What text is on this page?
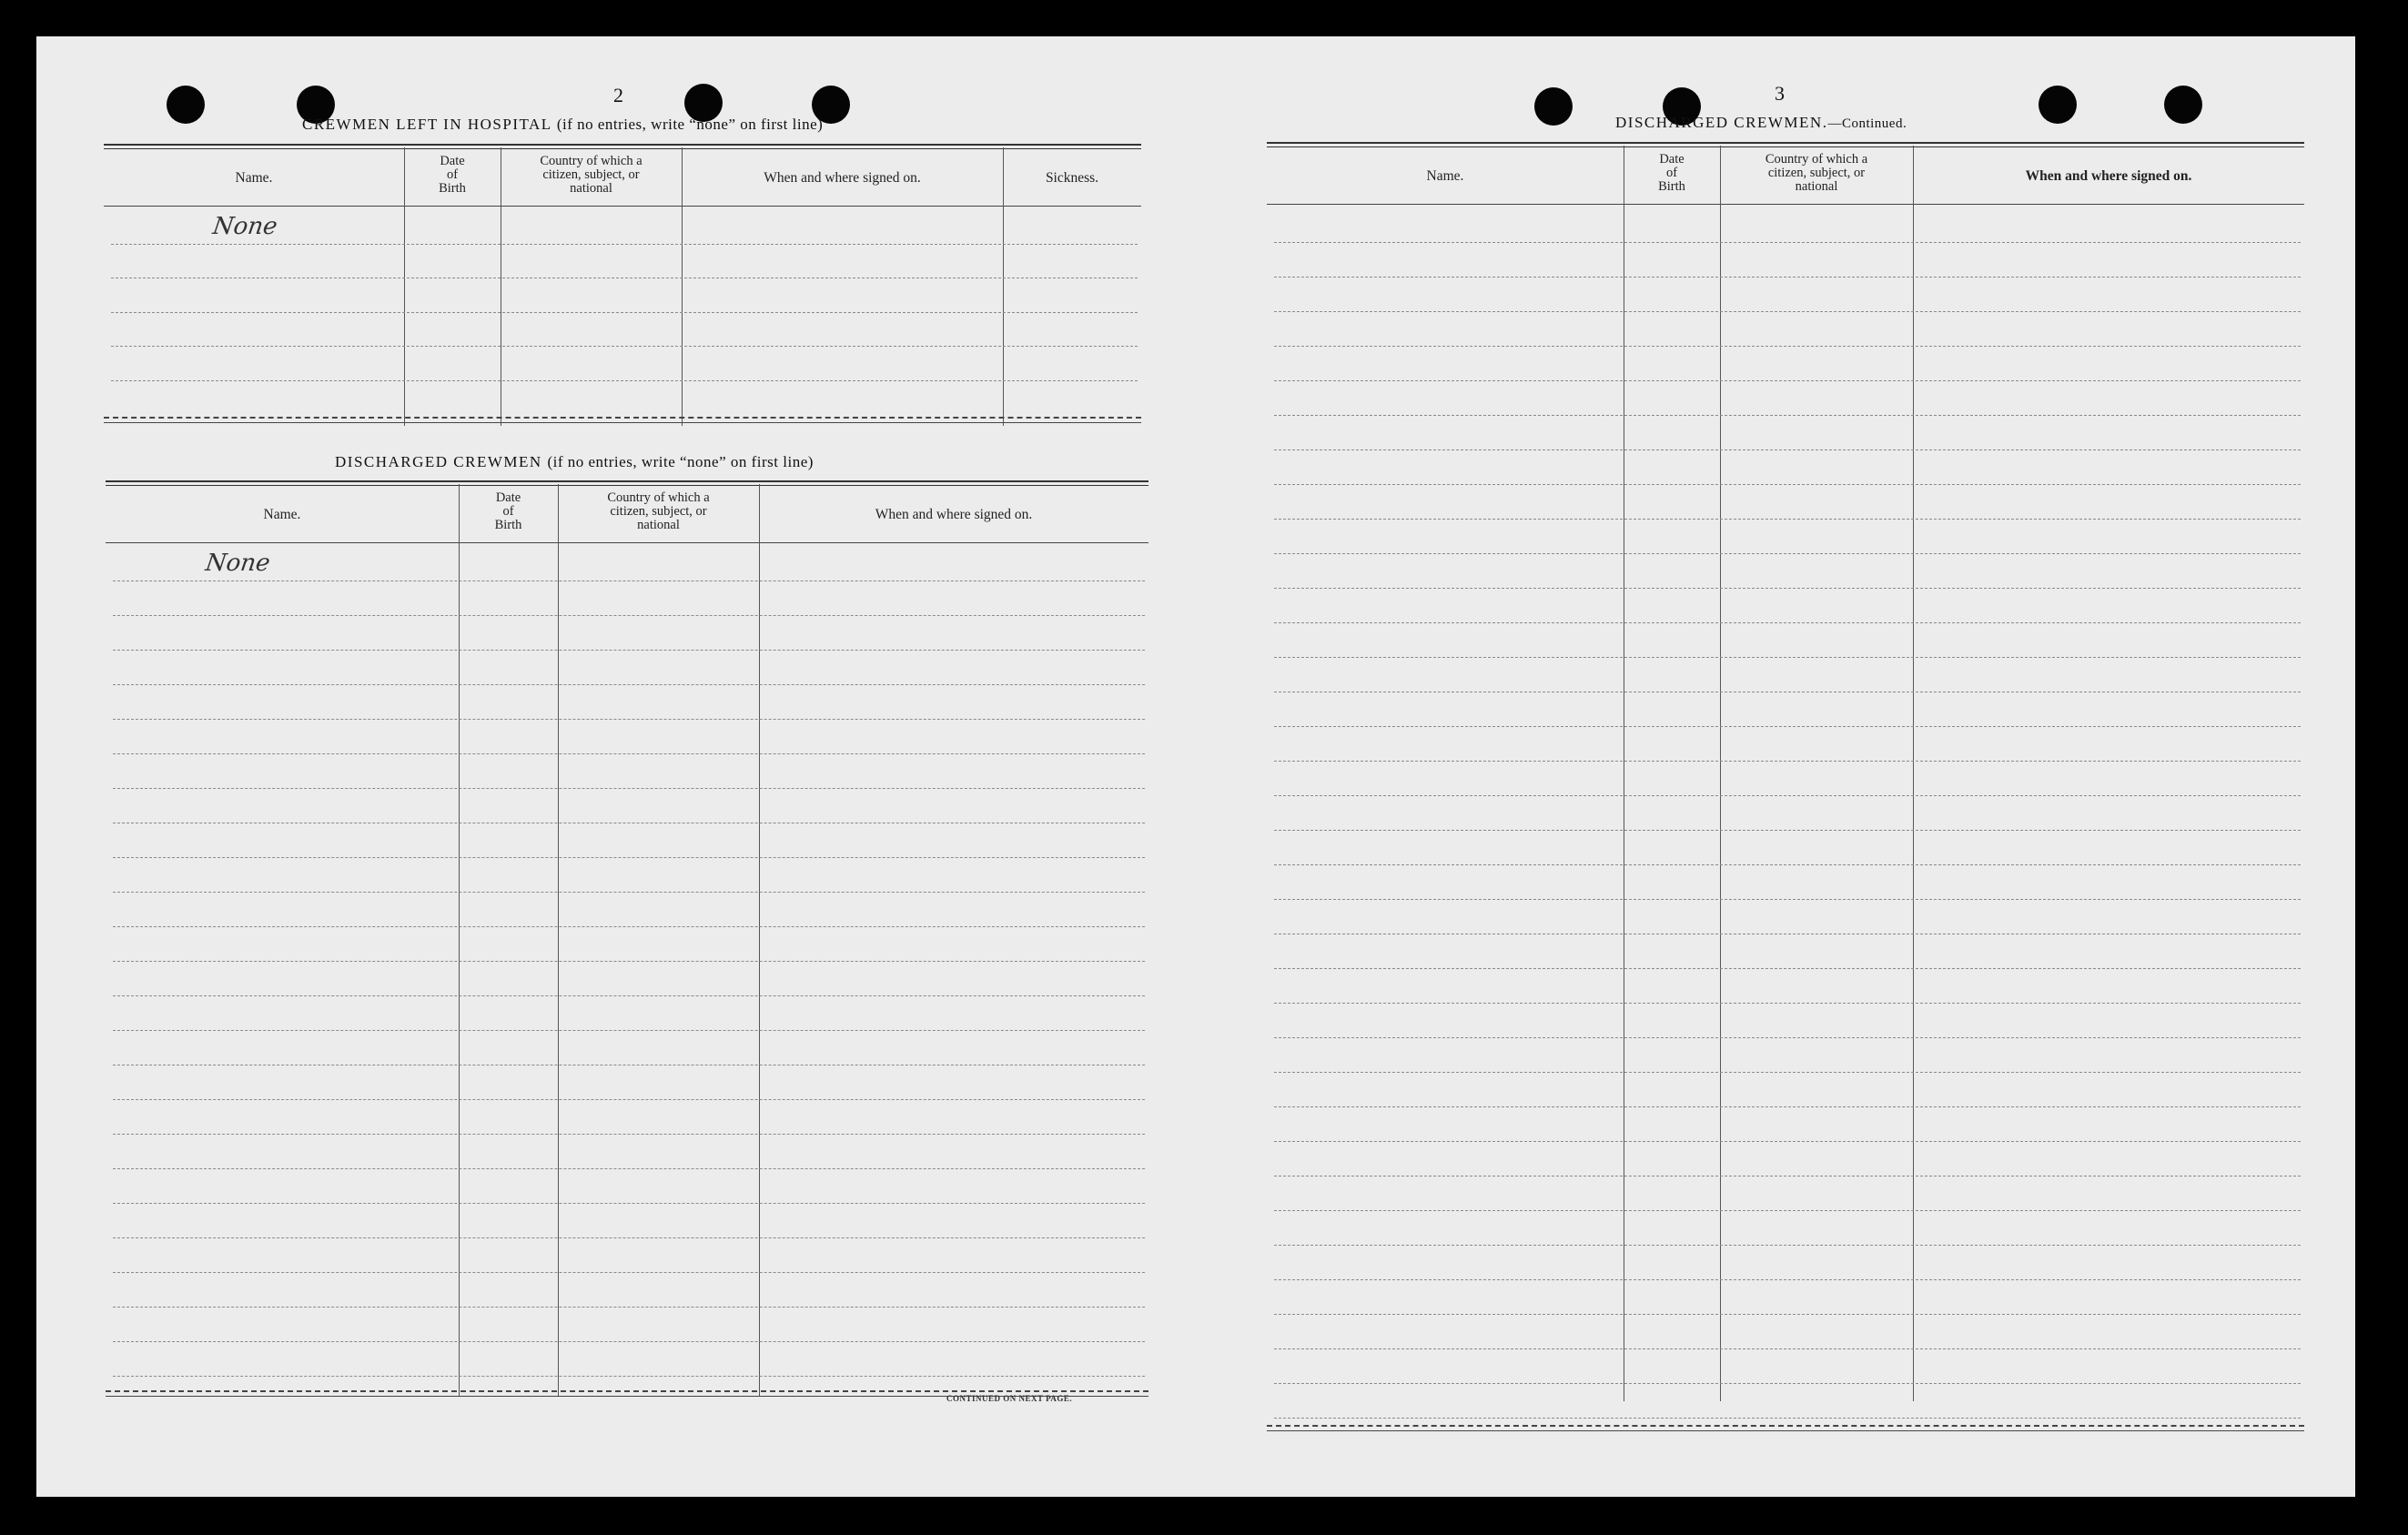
2
CREWMEN LEFT IN HOSPITAL (if no entries, write “none” on first line)
Name.
Date
of
Birth
Country of which a
citizen, subject, or
national
When and where signed on.	Sickness.
None
DISCHARGED CREWMEN (if no entries, write “none” on first line)
Name.
Date
of
Birth
Country of which a
citizen, subject, or
national
When and where signed on.
None
CONTINUED ON NEXT PAGE.
3
DISCHARGED CREWMEN.—Continued.
Name.
Date
of
Birth
Country of which a
citizen, subject, or
national
When and where signed on.
